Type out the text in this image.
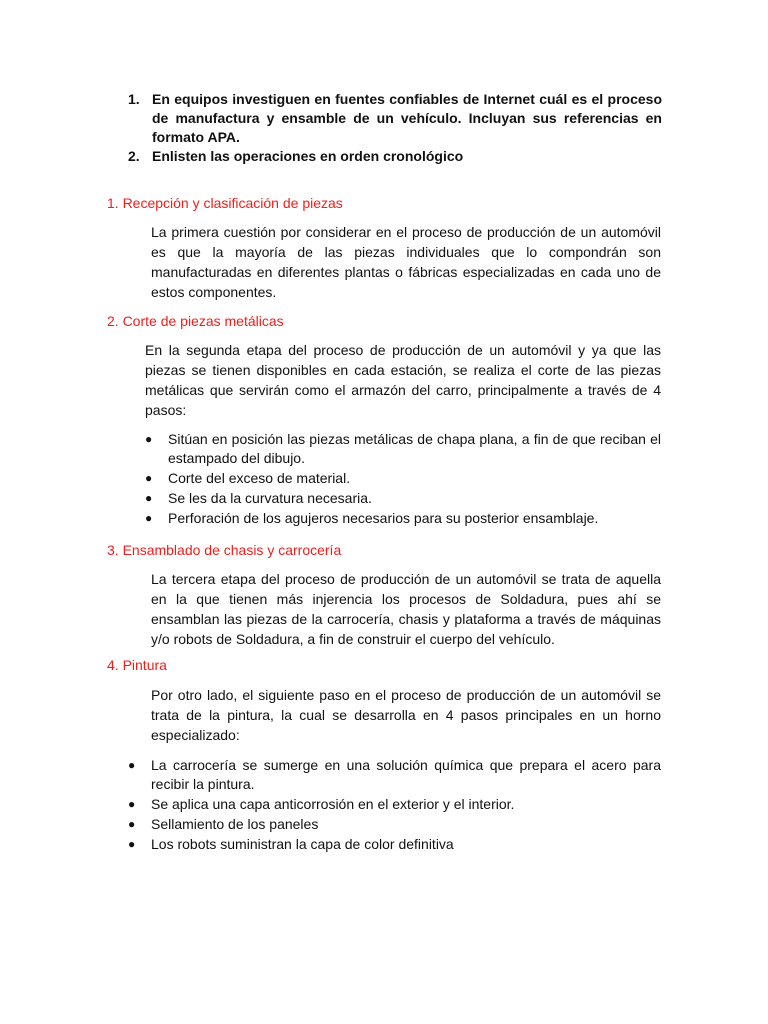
1. En equipos investiguen en fuentes confiables de Internet cuál es el proceso de manufactura y ensamble de un vehículo. Incluyan sus referencias en formato APA.
2. Enlisten las operaciones en orden cronológico
1. Recepción y clasificación de piezas

La primera cuestión por considerar en el proceso de producción de un automóvil es que la mayoría de las piezas individuales que lo compondrán son manufacturadas en diferentes plantas o fábricas especializadas en cada uno de estos componentes.

2. Corte de piezas metálicas

En la segunda etapa del proceso de producción de un automóvil y ya que las piezas se tienen disponibles en cada estación, se realiza el corte de las piezas metálicas que servirán como el armazón del carro, principalmente a través de 4 pasos:

● Sitúan en posición las piezas metálicas de chapa plana, a fin de que reciban el estampado del dibujo.
● Corte del exceso de material.
● Se les da la curvatura necesaria.
● Perforación de los agujeros necesarios para su posterior ensamblaje.
3. Ensamblado de chasis y carrocería

La tercera etapa del proceso de producción de un automóvil se trata de aquella en la que tienen más injerencia los procesos de Soldadura, pues ahí se ensamblan las piezas de la carrocería, chasis y plataforma a través de máquinas y/o robots de Soldadura, a fin de construir el cuerpo del vehículo.

4. Pintura

Por otro lado, el siguiente paso en el proceso de producción de un automóvil se trata de la pintura, la cual se desarrolla en 4 pasos principales en un horno especializado:

● La carrocería se sumerge en una solución química que prepara el acero para recibir la pintura.
● Se aplica una capa anticorrosión en el exterior y el interior.
● Sellamiento de los paneles
● Los robots suministran la capa de color definitiva
